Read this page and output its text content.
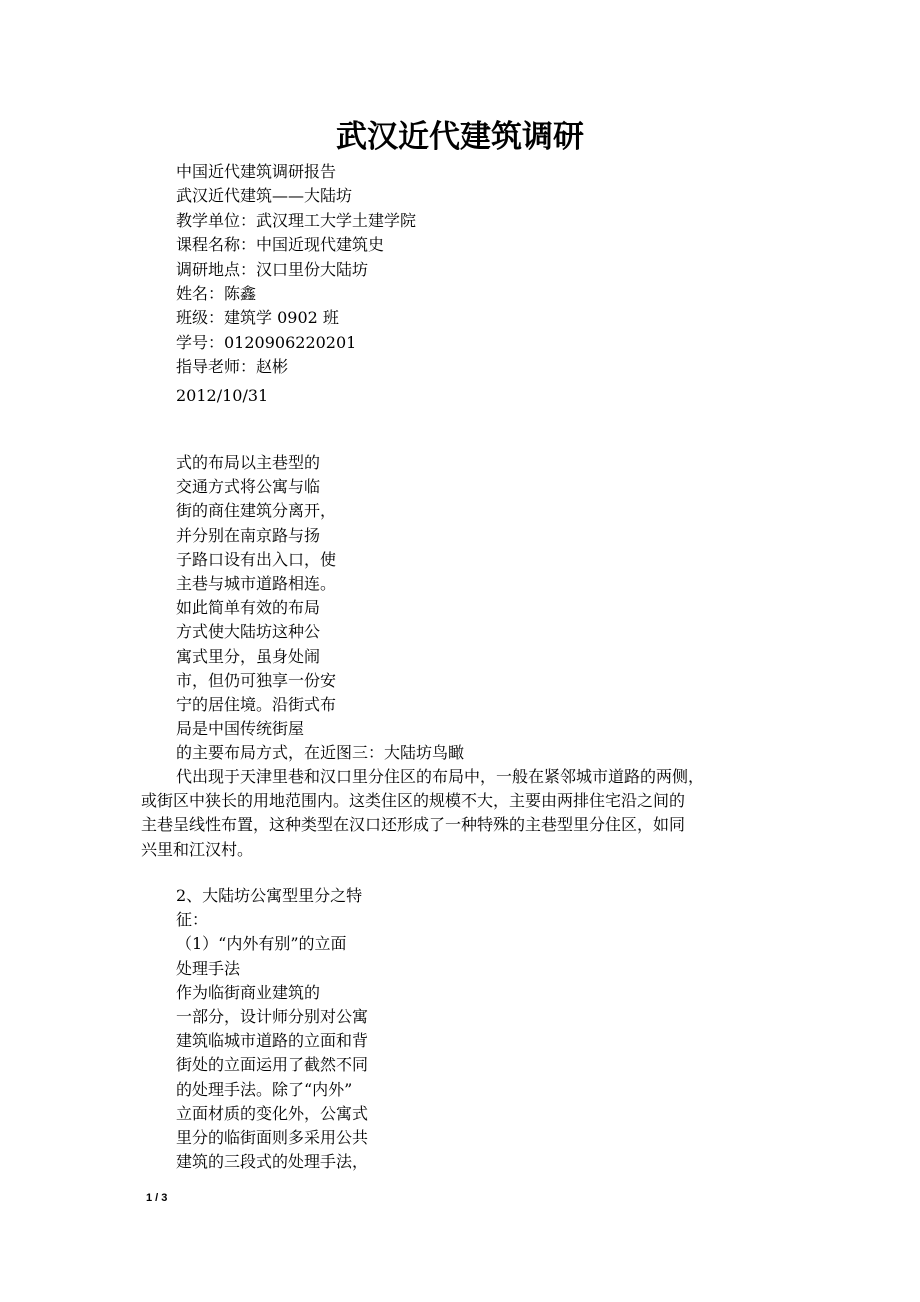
武汉近代建筑调研
中国近代建筑调研报告
武汉近代建筑——大陆坊
教学单位：武汉理工大学土建学院
课程名称：中国近现代建筑史
调研地点：汉口里份大陆坊
姓名：陈鑫
班级：建筑学 0902 班
学号：0120906220201
指导老师：赵彬
2012/10/31
式的布局以主巷型的
交通方式将公寓与临
街的商住建筑分离开，
并分别在南京路与扬
子路口设有出入口，使
主巷与城市道路相连。
如此简单有效的布局
方式使大陆坊这种公
寓式里分，虽身处闹
市，但仍可独享一份安
宁的居住境。沿街式布
局是中国传统街屋
的主要布局方式，在近图三：大陆坊鸟瞰
代出现于天津里巷和汉口里分住区的布局中，一般在紧邻城市道路的两侧，
或街区中狭长的用地范围内。这类住区的规模不大，主要由两排住宅沿之间的
主巷呈线性布置，这种类型在汉口还形成了一种特殊的主巷型里分住区，如同
兴里和江汉村。
2、大陆坊公寓型里分之特
征：
（1）“内外有别”的立面
处理手法
作为临街商业建筑的
一部分，设计师分别对公寓
建筑临城市道路的立面和背
街处的立面运用了截然不同
的处理手法。除了“内外”
立面材质的变化外，公寓式
里分的临街面则多采用公共
建筑的三段式的处理手法，
1 / 3
